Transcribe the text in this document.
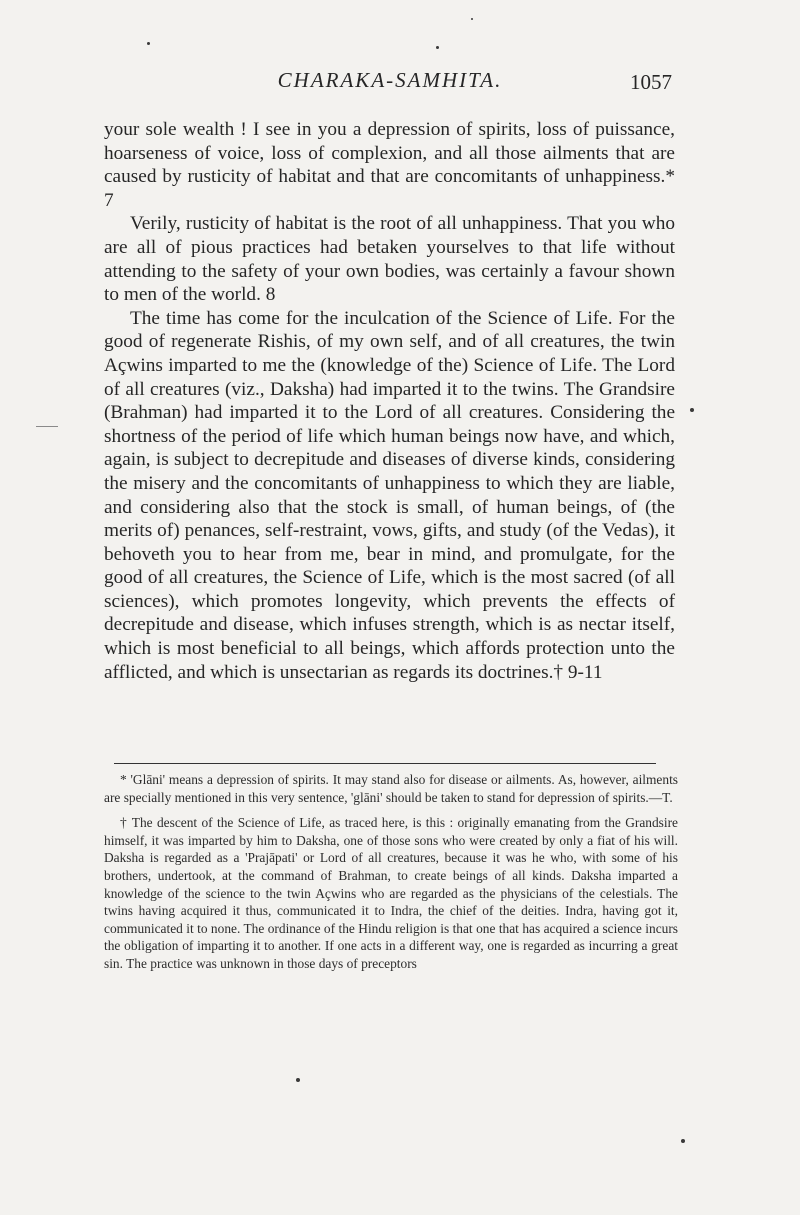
CHARAKA-SAMHITA.	1057

your sole wealth ! I see in you a depression of spirits, loss of puissance, hoarseness of voice, loss of complexion, and all those ailments that are caused by rusticity of habitat and that are concomitants of unhappiness.* 7

Verily, rusticity of habitat is the root of all unhappiness. That you who are all of pious practices had betaken yourselves to that life without attending to the safety of your own bodies, was certainly a favour shown to men of the world. 8

The time has come for the inculcation of the Science of Life. For the good of regenerate Rishis, of my own self, and of all creatures, the twin Açwins imparted to me the (knowledge of the) Science of Life. The Lord of all creatures (viz., Daksha) had imparted it to the twins. The Grandsire (Brahman) had imparted it to the Lord of all creatures. Considering the shortness of the period of life which human beings now have, and which, again, is subject to decrepitude and diseases of diverse kinds, considering the misery and the concomitants of unhappiness to which they are liable, and considering also that the stock is small, of human beings, of (the merits of) penances, self-restraint, vows, gifts, and study (of the Vedas), it behoveth you to hear from me, bear in mind, and promulgate, for the good of all creatures, the Science of Life, which is the most sacred (of all sciences), which promotes longevity, which prevents the effects of decrepitude and disease, which infuses strength, which is as nectar itself, which is most beneficial to all beings, which affords protection unto the afflicted, and which is unsectarian as regards its doctrines.† 9-11

* 'Glāni' means a depression of spirits. It may stand also for disease or ailments. As, however, ailments are specially mentioned in this very sentence, 'glāni' should be taken to stand for depression of spirits.—T.

† The descent of the Science of Life, as traced here, is this : originally emanating from the Grandsire himself, it was imparted by him to Daksha, one of those sons who were created by only a fiat of his will. Daksha is regarded as a 'Prajāpati' or Lord of all creatures, because it was he who, with some of his brothers, undertook, at the command of Brahman, to create beings of all kinds. Daksha imparted a knowledge of the science to the twin Açwins who are regarded as the physicians of the celestials. The twins having acquired it thus, communicated it to Indra, the chief of the deities. Indra, having got it, communicated it to none. The ordinance of the Hindu religion is that one that has acquired a science incurs the obligation of imparting it to another. If one acts in a different way, one is regarded as incurring a great sin. The practice was unknown in those days of preceptors
